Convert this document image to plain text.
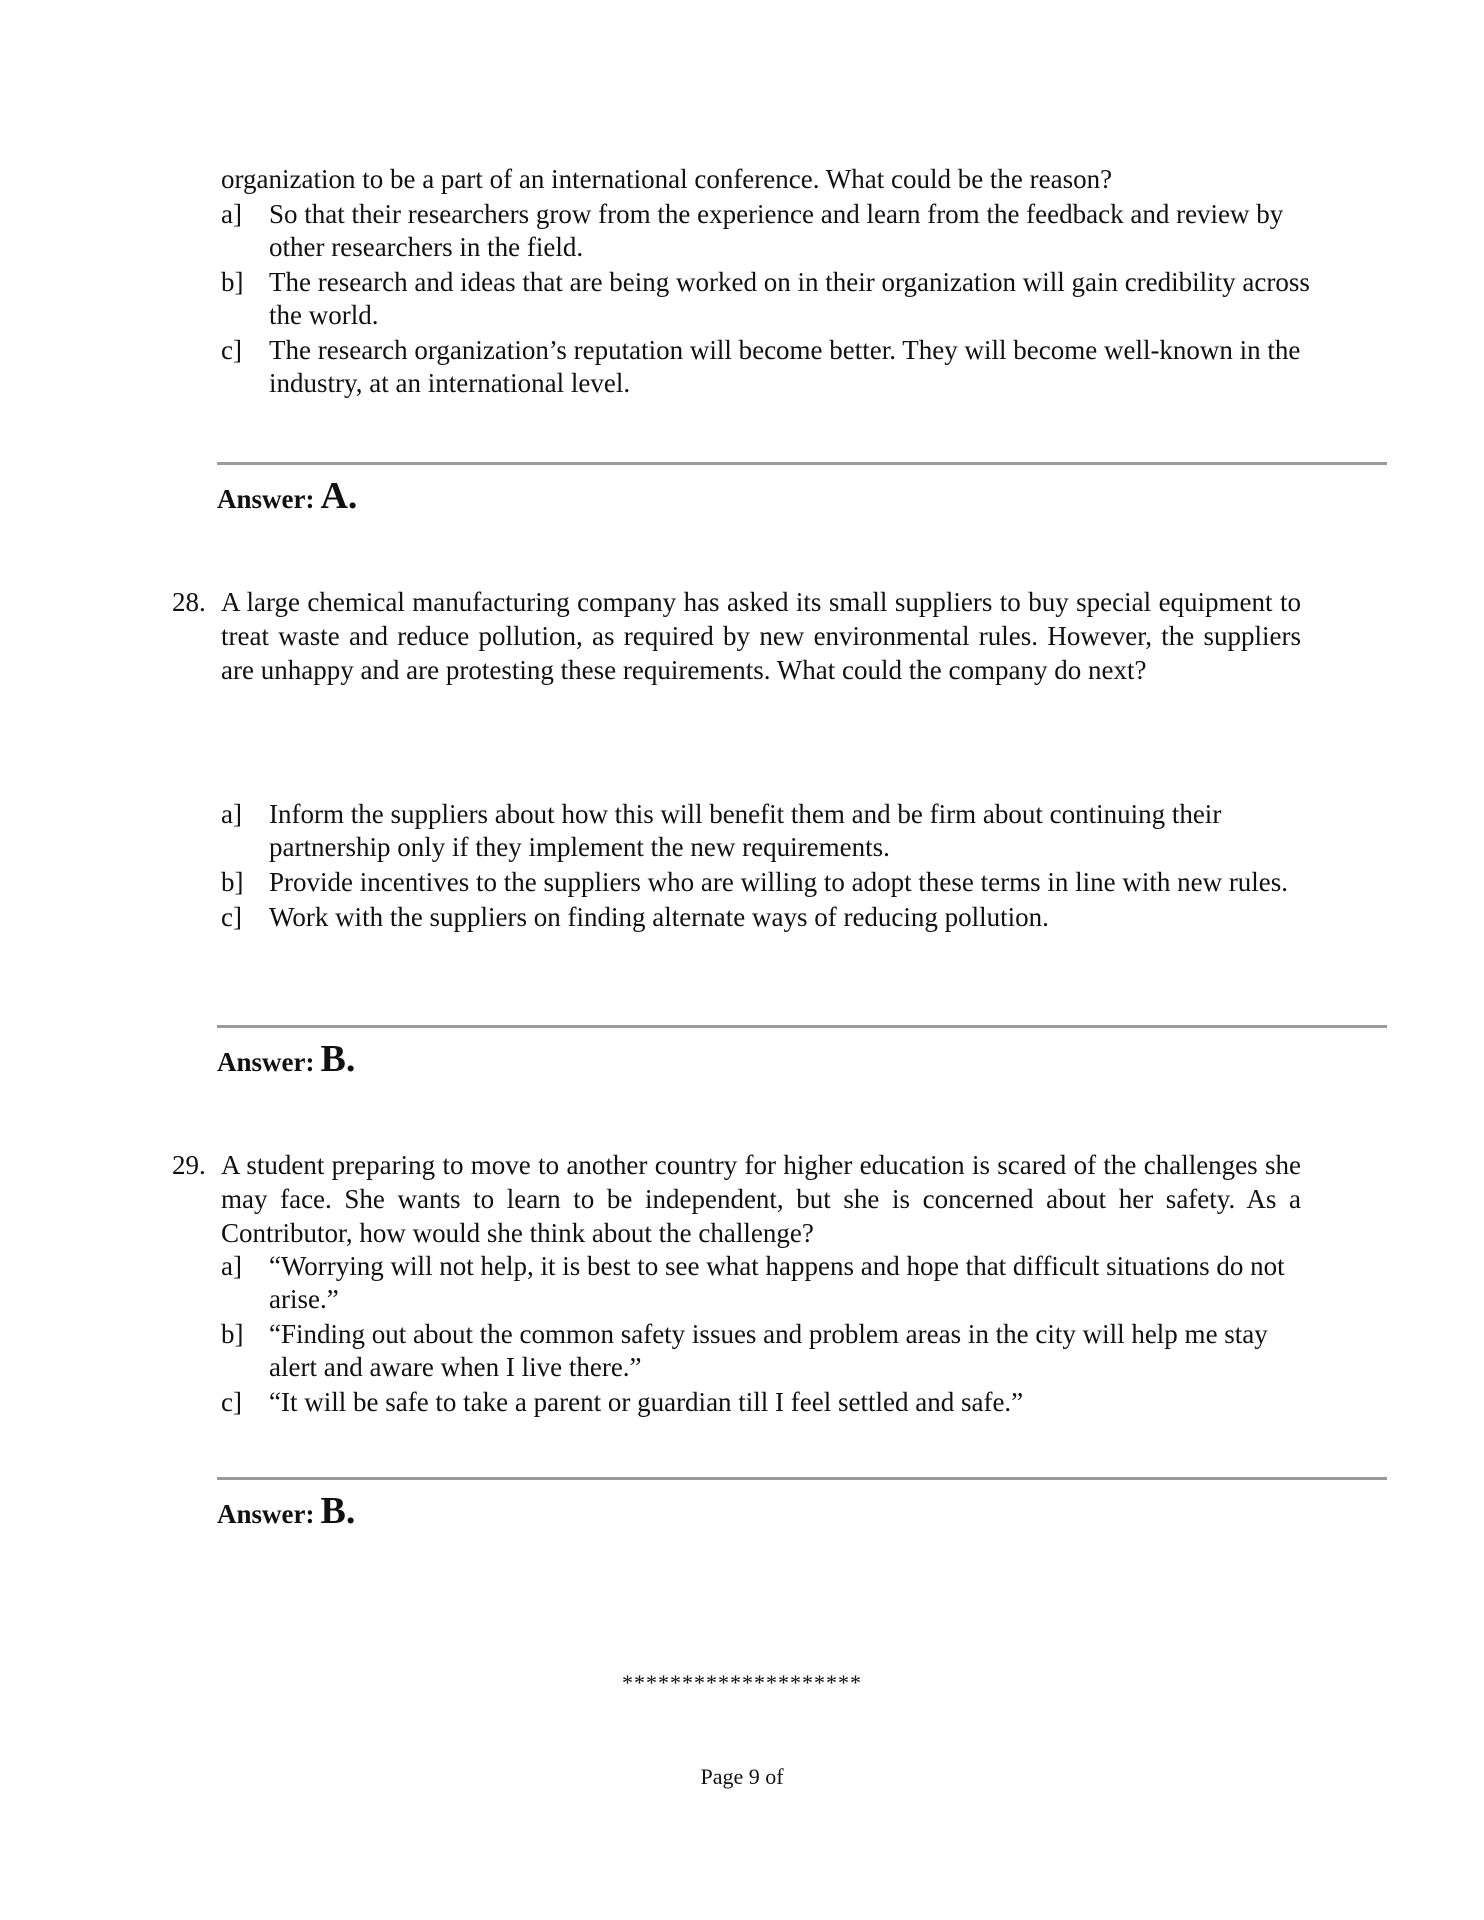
organization to be a part of an international conference. What could be the reason?
a] So that their researchers grow from the experience and learn from the feedback and review by other researchers in the field.
b] The research and ideas that are being worked on in their organization will gain credibility across the world.
c] The research organization’s reputation will become better. They will become well-known in the industry, at an international level.
Answer: A.
28. A large chemical manufacturing company has asked its small suppliers to buy special equipment to treat waste and reduce pollution, as required by new environmental rules. However, the suppliers are unhappy and are protesting these requirements. What could the company do next?
a] Inform the suppliers about how this will benefit them and be firm about continuing their partnership only if they implement the new requirements.
b] Provide incentives to the suppliers who are willing to adopt these terms in line with new rules.
c] Work with the suppliers on finding alternate ways of reducing pollution.
Answer: B.
29. A student preparing to move to another country for higher education is scared of the challenges she may face. She wants to learn to be independent, but she is concerned about her safety. As a Contributor, how would she think about the challenge?
a] “Worrying will not help, it is best to see what happens and hope that difficult situations do not arise.”
b] “Finding out about the common safety issues and problem areas in the city will help me stay alert and aware when I live there.”
c] “It will be safe to take a parent or guardian till I feel settled and safe.”
Answer: B.
********************
Page 9 of
